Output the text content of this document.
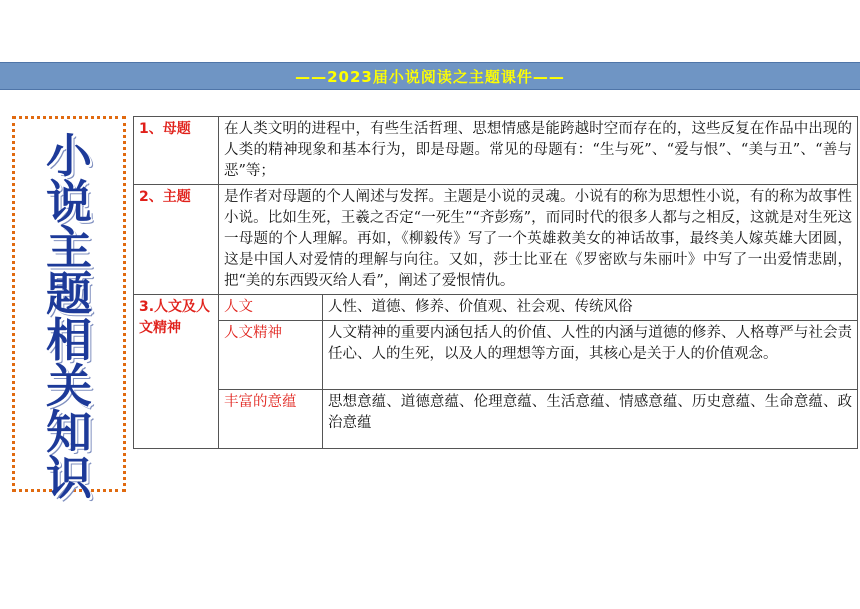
——2023届小说阅读之主题课件——
小
说
主
题
相
关
知
识
1、母题	在人类文明的进程中，有些生活哲理、思想情感是能跨越时空而存在的，这些反复在作品中出现的人类的精神现象和基本行为，即是母题。常见的母题有：“生与死”、“爱与恨”、“美与丑”、“善与恶”等；	
2、主题	是作者对母题的个人阐述与发挥。主题是小说的灵魂。小说有的称为思想性小说，有的称为故事性小说。比如生死，王羲之否定“一死生”“齐彭殇”，而同时代的很多人都与之相反，这就是对生死这一母题的个人理解。再如，《柳毅传》写了一个英雄救美女的神话故事，最终美人嫁英雄大团圆，这是中国人对爱情的理解与向往。又如，莎士比亚在《罗密欧与朱丽叶》中写了一出爱情悲剧，把“美的东西毁灭给人看”，阐述了爱恨情仇。	
3.人文及人文精神	人文	人性、道德、修养、价值观、社会观、传统风俗
	人文精神	人文精神的重要内涵包括人的价值、人性的内涵与道德的修养、人格尊严与社会责任心、人的生死，以及人的理想等方面，其核心是关于人的价值观念。
	丰富的意蕴	思想意蕴、道德意蕴、伦理意蕴、生活意蕴、情感意蕴、历史意蕴、生命意蕴、政治意蕴
